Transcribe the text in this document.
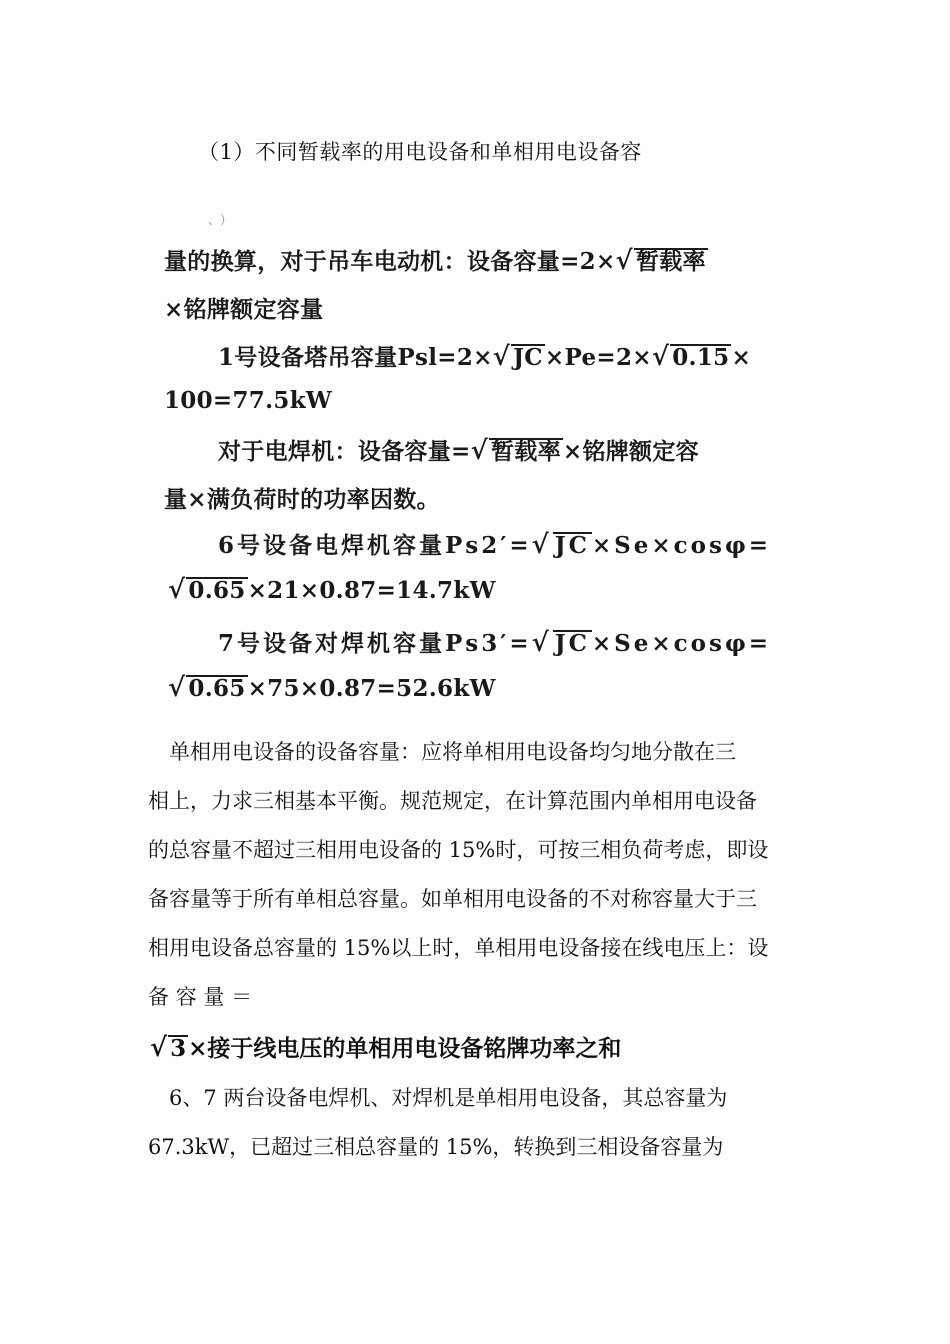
（1）不同暂载率的用电设备和单相用电设备容
、）
量的换算，对于吊车电动机：设备容量=2×√ 暂载率
×铭牌额定容量
1号设备塔吊容量Psl=2×√ JC×Pe=2×√ 0.15×
100=77.5kW
对于电焊机：设备容量=√ 暂载率×铭牌额定容
量×满负荷时的功率因数。
6号设备电焊机容量Ps2′=√ JC×Se×cosφ=
√ 0.65×21×0.87=14.7kW
7号设备对焊机容量Ps3′=√ JC×Se×cosφ=
√ 0.65×75×0.87=52.6kW
　单相用电设备的设备容量：应将单相用电设备均匀地分散在三
相上，力求三相基本平衡。规范规定，在计算范围内单相用电设备
的总容量不超过三相用电设备的 15%时，可按三相负荷考虑，即设
备容量等于所有单相总容量。如单相用电设备的不对称容量大于三
相用电设备总容量的 15%以上时，单相用电设备接在线电压上：设
备 容 量 ＝
√ 3×接于线电压的单相用电设备铭牌功率之和
　6、7 两台设备电焊机、对焊机是单相用电设备，其总容量为
67.3kW，已超过三相总容量的 15%，转换到三相设备容量为
